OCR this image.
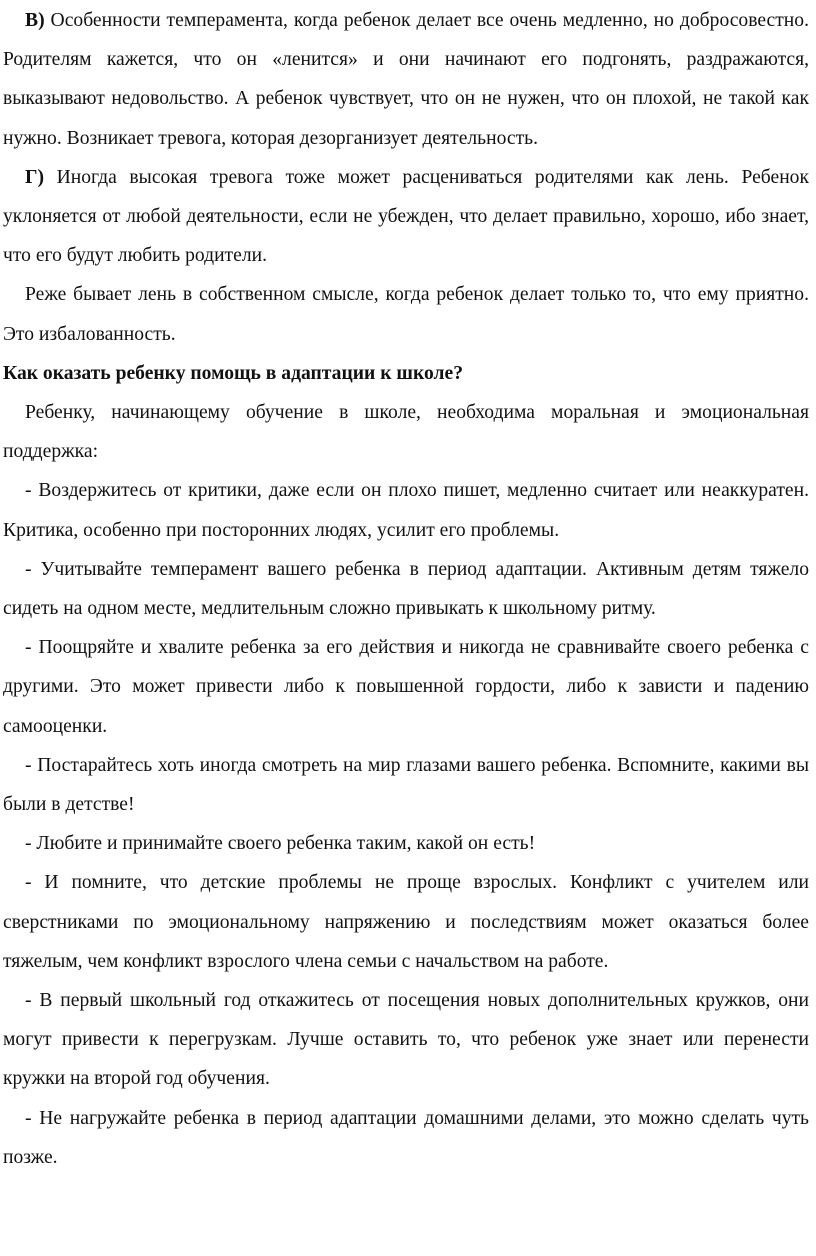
В) Особенности темперамента, когда ребенок делает все очень медленно, но добросовестно. Родителям кажется, что он «ленится» и они начинают его подгонять, раздражаются, выказывают недовольство. А ребенок чувствует, что он не нужен, что он плохой, не такой как нужно. Возникает тревога, которая дезорганизует деятельность.

Г) Иногда высокая тревога тоже может расцениваться родителями как лень. Ребенок уклоняется от любой деятельности, если не убежден, что делает правильно, хорошо, ибо знает, что его будут любить родители.

Реже бывает лень в собственном смысле, когда ребенок делает только то, что ему приятно. Это избалованность.

Как оказать ребенку помощь в адаптации к школе?

Ребенку, начинающему обучение в школе, необходима моральная и эмоциональная поддержка:

- Воздержитесь от критики, даже если он плохо пишет, медленно считает или неаккуратен. Критика, особенно при посторонних людях, усилит его проблемы.

- Учитывайте темперамент вашего ребенка в период адаптации. Активным детям тяжело сидеть на одном месте, медлительным сложно привыкать к школьному ритму.

- Поощряйте и хвалите ребенка за его действия и никогда не сравнивайте своего ребенка с другими. Это может привести либо к повышенной гордости, либо к зависти и падению самооценки.

- Постарайтесь хоть иногда смотреть на мир глазами вашего ребенка. Вспомните, какими вы были в детстве!

- Любите и принимайте своего ребенка таким, какой он есть!

- И помните, что детские проблемы не проще взрослых. Конфликт с учителем или сверстниками по эмоциональному напряжению и последствиям может оказаться более тяжелым, чем конфликт взрослого члена семьи с начальством на работе.

- В первый школьный год откажитесь от посещения новых дополнительных кружков, они могут привести к перегрузкам. Лучше оставить то, что ребенок уже знает или перенести кружки на второй год обучения.

- Не нагружайте ребенка в период адаптации домашними делами, это можно сделать чуть позже.
